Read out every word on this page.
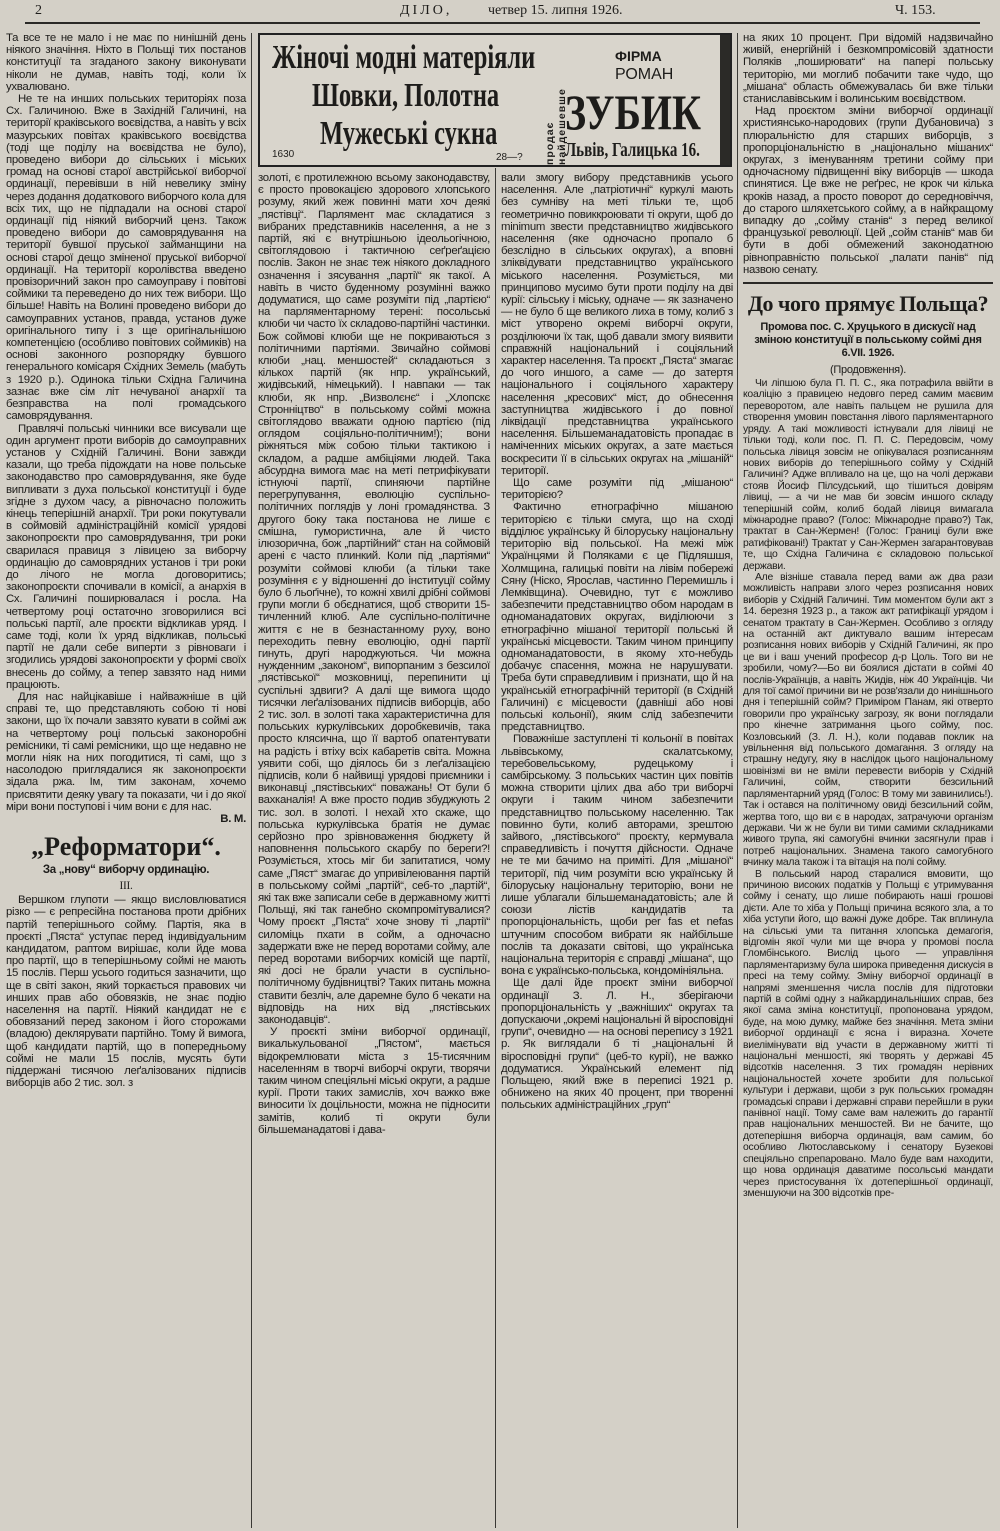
2	ДІЛО,	четвер 15. липня 1926.	Ч. 153.

Та все те не мало і не має по нинішній день ніякого значіння. Ніхто в Польщі тих постанов конституції та згаданого закону виконувати ніколи не думав, навіть тоді, коли їх ухвалювано.

Не те на инших польських територіях поза Сх. Галичиною. Вже в Західній Галичині, на території краківського воєвідства, а навіть у всіх мазурських повітах краківського воєвідства (тоді ще поділу на воєвідства не було), проведено вибори до сільських і міських громад на основі старої австрійської виборчої ординації, перевівши в ній невелику зміну через додання додаткового виборчого кола для всіх тих, що не підпадали на основі старої ординації під ніякий виборчий ценз. Також проведено вибори до самоврядування на території бувшої пруської займанщини на основі старої дещо зміненої пруської виборчої ординації. На території королівства введено провізоричний закон про самоуправу і повітові соймики та переведено до них теж вибори. Що більше! Навіть на Волині проведено вибори до самоуправних установ, правда, установ дуже оригінального типу і з ще оригінальнішою компетенцією (особливо повітових соймиків) на основі законного розпорядку бувшого генерального комісаря Східних Земель (мабуть з 1920 р.). Одинока тільки Східна Галичина зазнає вже сім літ нечуваної анархії та безправства на полі громадського самоврядування.

Правлячі польські чинники все висували ще один аргумент проти виборів до самоуправних установ у Східній Галичині. Вони завжди казали, що треба підождати на нове польське законодавство про самоврядування, яке буде випливати з духа польської конституції і буде згідне з духом часу, а рівночасно положить кінець теперішній анархії. Три роки покутували в соймовій адміністраційній комісії урядові законопроєкти про самоврядування, три роки сварилася правиця з лівицею за виборчу ординацію до самоврядних установ і три роки до лічого не могла договоритись; законопроєкти спочивали в комісії, а анархія в Сх. Галичині поширювалася і росла. На четвертому році остаточно зговорилися всі польські партії, але проєкти відкликав уряд. І саме тоді, коли їх уряд відкликав, польські партії не дали себе виперти з рівноваги і згодились урядові законопроєкти у формі своїх внесень до сойму, а тепер завзято над ними працюють.

Для нас найцікавіше і найважніше в цій справі те, що представляють собою ті нові закони, що їх почали завзято кувати в соймі аж на четвертому році польські законоробні ремісники, ті самі ремісники, що ще недавно не могли ніяк на них погодитися, ті самі, що з насолодою приглядалися як законопроєкти зідала ржа. Ім, тим законам, хочемо присвятити деяку увагу та показати, чи і до якої міри вони поступові і чим вони є для нас.

В. М.
„Реформатори“.
За „нову“ виборчу ординацію.
III.

Вершком глупоти — якщо висловлюватися різко — є репресійна постанова проти дрібних партій теперішнього сойму. Партія, яка в проєкті „Пяста“ уступає перед індивідуальним кандидатом, раптом вирішає, коли йде мова про партії, що в теперішньому соймі не мають 15 послів. Перш усього годиться зазначити, що ще в світі закон, який торкається правових чи инших прав або обовязків, не знає подію населення на партії. Ніякий кандидат не є обовязаний перед законом і його сторожами (владою) деклярувати партійно. Тому й вимога, щоб кандидати партій, що в попередньому соймі не мали 15 послів, мусять бути піддержані тисячою леґалізованих підписів виборців або 2 тис. зол. з

Жіночі модні матеріяли
Шовки, Полотна
Мужеські сукна
1630	28—? продає найдешевше
ФІРМА
РОМАН
ЗУБИК
Львів, Галицька 16.

золоті, є протилежною всьому законодавству, є просто провокацією здорового хлопського розуму, який жеж повинні мати хоч деякі „пястівці“. Парлямент має складатися з вибраних представників населення, а не з партій, які є внутрішньою ідеольогічною, світоглядовою і тактичною сеґреґацією послів. Закон не знає теж ніякого докладного означення і зясування „партії“ як такої. А навіть в чисто буденному розумінні важко додуматися, що саме розуміти під „партією“ на парляментарному терені: посольські клюби чи часто їх складово-партійні частинки. Бож соймові клюби ще не покриваються з політичними партіями. Звичайно соймові клюби „нац. меншостей“ складаються з кількох партій (як нпр. український, жидівський, німецький). І навпаки — так клюби, як нпр. „Визволєнє“ і „Хлопскє Стронніцтво“ в польському соймі можна світоглядово вважати одною партією (під оглядом соціяльно-політичним!); вони ріжняться між собою тільки тактикою і складом, а радше амбіціями людей. Така абсурдна вимога має на меті петрифікувати істнуючі партії, спиняючи партійне перегрупування, еволюцію суспільно-політичних поглядів у лоні громадянства. З другого боку така постанова не лише є смішна, гумористична, але й чисто ілюзорична, бож „партійний“ стан на соймовій арені є часто плинкий. Коли під „партіями“ розуміти соймові клюби (а тільки таке розуміння є у відношенні до інституції сойму було б льоґічне), то кожні хвилі дрібні соймові групи могли б обєднатися, щоб створити 15-тичленний клюб. Але суспільно-політичне життя є не в безнастанному руху, воно переходить певну еволюцію, одні партії гинуть, другі народжуються. Чи можна нужденним „законом“, випорпаним з безсилої „пястівської“ мозковниці, перепинити ці суспільні здвиги? А далі ще вимога щодо тисячки леґалізованих підписів виборців, або 2 тис. зол. в золоті така характеристична для польських куркулівських доробкевичів, така просто клясична, що її вартоб опатентувати на радість і втіху всіх кабаретів світа. Можна уявити собі, що діялось би з леґалізацією підписів, коли б найвищі урядові приємники і виконавці „пястівських“ поважань! От були б вахканалія! А вже просто подив збуджують 2 тис. зол. в золоті. І нехай хто скаже, що польська куркулівська братія не думає серйозно про зрівноваження бюджету й наповнення польського скарбу по береги?! Розуміється, хтось міг би запитатися, чому саме „Пяст“ змагає до упривілеювання партій в польському соймі „партій“, себ-то „партій“, які так вже записали себе в державному житті Польщі, які так ганебно скомпромітувалися? Чому проєкт „Пяста“ хоче знову ті „партії“ силоміць пхати в сойм, а одночасно задержати вже не перед воротами сойму, але перед воротами виборчих комісій ще партії, які досі не брали участи в суспільно-політичному будівництві? Таких питань можна ставити безліч, але даремне було б чекати на відповідь на них від „пястівських законодавців“.

У проєкті зміни виборчої ординації, викалькульованої „Пястом“, мається відокремлювати міста з 15-тисячним населенням в творчі виборчі округи, творячи таким чином спеціяльні міські округи, а радше курії. Проти таких замислів, хоч важко вже виносити їх доцільности, можна не підносити замітів, колиб ті округи були більшеманадатові і дава-

вали змогу вибору представників усього населення. Але „патріотичні“ куркулі мають без сумніву на меті тільки те, щоб геометрично повиккроювати ті округи, щоб до minimum звести представництво жидівського населення (яке одночасно пропало б безслідно в сільських округах), а вповні зліквідувати представництво українського міського населення. Розуміється, ми принципово мусимо бути проти поділу на дві курії: сільську і міську, одначе — як зазначено — не було б ще великого лиха в тому, колиб з міст утворено окремі виборчі округи, розділюючи їх так, щоб давали змогу виявити справжній національний і соціяльний характер населення. Та проєкт „Пяста“ змагає до чого иншого, а саме — до затертя національного і соціяльного характеру населення „кресових“ міст, до обнесення заступництва жидівського і до повної ліквідації представництва українського населення. Більшеманадатовість пропадає в наміченних міських округах, а зате мається воскресити її в сільських округах на „мішаній“ території.

Що саме розуміти під „мішаною“ територією?

Фактично етнографічно мішаною територією є тільки смуга, що на сході відділює українську й білоруську національну територію від польської. На межі між Українцями й Поляками є це Підляшшя, Холмщина, галицькі повіти на лівім побережі Сяну (Ніско, Ярослав, частинно Перемишль і Лемківщина). Очевидно, тут є можливо забезпечити представництво обом народам в одноманадатових округах, виділюючи з етнографічно мішаної території польські й українські місцевости. Таким чином принципу одноманадатовости, в якому хто-небудь добачує спасення, можна не нарушувати. Треба бути справедливим і признати, що й на українській етнографічній території (в Східній Галичині) є місцевости (давніші або нові польські кольонії), яким слід забезпечити представництво.

Поважніше заступлені ті кольонії в повітах львівському, скалатському, теребовельському, рудецькому і самбірському. З польських частин цих повітів можна створити цілих два або три виборчі округи і таким чином забезпечити представництво польському населенню. Так повинно бути, колиб авторами, зрештою зайвого, „пястівського“ проєкту, кермувала справедливість і почуття дійсности. Одначе не те ми бачимо на приміті. Для „мішаної“ території, під чим розуміти всю українську й білоруську національну територію, вони не лише ублагали більшеманадатовість; але й союзи лістів кандидатів та пропорціональність, щоби per fas et nefas штучним способом вибрати як найбільше послів та доказати світові, що українська національна територія є справді „мішана“, що вона є українсько-польська, кондомініяльна.

Ще далі йде проєкт зміни виборчої ординації З. Л. Н., зберігаючи пропорціональність у „важніших“ округах та допускаючи „окремі національні й віросповідні групи“, очевидно — на основі перепису з 1921 р. Як виглядали б ті „національні й віросповідні групи“ (цеб-то курії), не важко додуматися. Український елемент під Польщею, який вже в переписі 1921 р. обнижено на яких 40 процент, при творенні польських адміністраційних „груп“

на яких 10 процент. При відомій надзвичайно живій, енергійній і безкомпромісовій здатности Поляків „поширювати“ на папері польську територію, ми моглиб побачити таке чудо, що „мішана“ область обмежувалась би вже тільки станиславівським і волинським воєвідством.

Над проєктом зміни виборчої ординації християнсько-народових (групи Дубановича) з плюральністю для старших виборців, з пропорціональністю в „національно мішаних“ округах, з іменуванням третини сойму при одночасному підвищенні віку виборців — шкода спинятися. Це вже не реґрес, не крок чи кілька кроків назад, а просто поворот до середновіччя, до старого шляхетського сойму, а в найкращому випадку до „сойму станів“ з перед великої французької революції. Цей „сойм станів“ мав би бути в добі обмежений законодатною рівноправністю польської „палати панів“ під назвою сенату.

До чого прямує Польща?
Промова пос. С. Хруцького в дискусії над зміною конституції в польському соймі дня 6.VII. 1926.
(Продовження).

Чи ліпшою була П. П. С., яка потрафила ввійти в коаліцію з правицею недовго перед самим маєвим переворотом, але навіть пальцем не рушила для створення умовин повстання лівого парляментарного уряду. А такі можливості істнували для лівиці не тільки тоді, коли пос. П. П. С. Передовсім, чому польська лівиця зовсім не опікувалася розписанням нових виборів до теперішнього сойму у Східній Галичині? Адже впливало на це, що на чолі держави стояв Йосиф Пілсудський, що тішиться довірям лівиці, — а чи не мав би зовсім иншого складу теперішній сойм, колиб бодай лівиця вимагала міжнародне право? (Голос: Міжнародне право?) Так, трактат в Сан-Жермен! (Голос: Границі були вже ратифіковані!) Трактат у Сан-Жермен загарантовував те, що Східна Галичина є складовою польської держави.

Але візніше ставала перед вами аж два рази можливість направи злого через розписання нових виборів у Східній Галичині. Тим моментом були акт з 14. березня 1923 р., а також акт ратифікації урядом і сенатом трактату в Сан-Жермен. Особливо з огляду на останній акт диктувало вашим інтересам розписання нових виборів у Східній Галичині, як про це ви і ваш учений професор д-р Цоль. Того ви не зробили, чому?—Бо ви боялися дістати в соймі 40 послів-Українців, а навіть Жидів, ніж 40 Українців. Чи для тої самої причини ви не розв'язали до нинішнього дня і теперішній сойм? Приміром Панам, які отверто говорили про українську загрозу, як вони поглядали про кінечне затримання цього сойму, пос. Козловський (З. Л. Н.), коли подавав поклик на увільнення від польського домагання. З огляду на страшну недугу, яку в наслідок цього національному шовінізмі ви не вміли перевести виборів у Східній Галичині, сойм, створити безсильний парляментарний уряд (Голос: В тому ми завинились!). Так і остався на політичному овиді безсильний сойм, жертва того, що ви є в народах, затрачуючи організм держави. Чи ж не були ви тими самими складниками живого трупа, які самогубні вчинки засягнули прав і потреб національних. Знамена такого самогубного вчинку мала також і та вітація на полі сойму.

В польський народ старалися вмовити, що причиною високих податків у Польщі є утримування сойму і сенату, що лише побирають наші грошові дієти. Але то хіба у Польщі причина всякого зла, а то хіба уступи його, що важні дуже добре. Так вплинула на сільські уми та питання хлопська демагогія, відгомін якої чули ми ще вчора у промові посла Гломбінського. Вислід цього — управління парляментаризму була широка приведення дискусія в пресі на тему сойму. Зміну виборчої ординації в напрямі зменшення числа послів для підготовки партій в соймі одну з найкардинальніших справ, без якої сама зміна конституції, пропонована урядом, буде, на мою думку, майже без значіння. Мета зміни виборчої ординації є ясна і виразна. Хочете виелімінувати від участи в державному житті ті національні меншості, які творять у державі 45 відсотків населення. З тих громадян нерівних національностей хочете зробити для польської культури і держави, щоби з рук польських громадян громадські справи і державні справи перейшли в руки панівної нації. Тому саме вам належить до гарантії прав національних меншостей. Ви не бачите, що дотеперішня виборча ординація, вам самим, бо особливо Лютославському і сенатору Бузекові спеціяльно спрепаровано. Мало буде вам находити, що нова ординація даватиме посольські мандати через пристосування їх дотеперішньої ординації, зменшуючи на 300 відсотків пре-
